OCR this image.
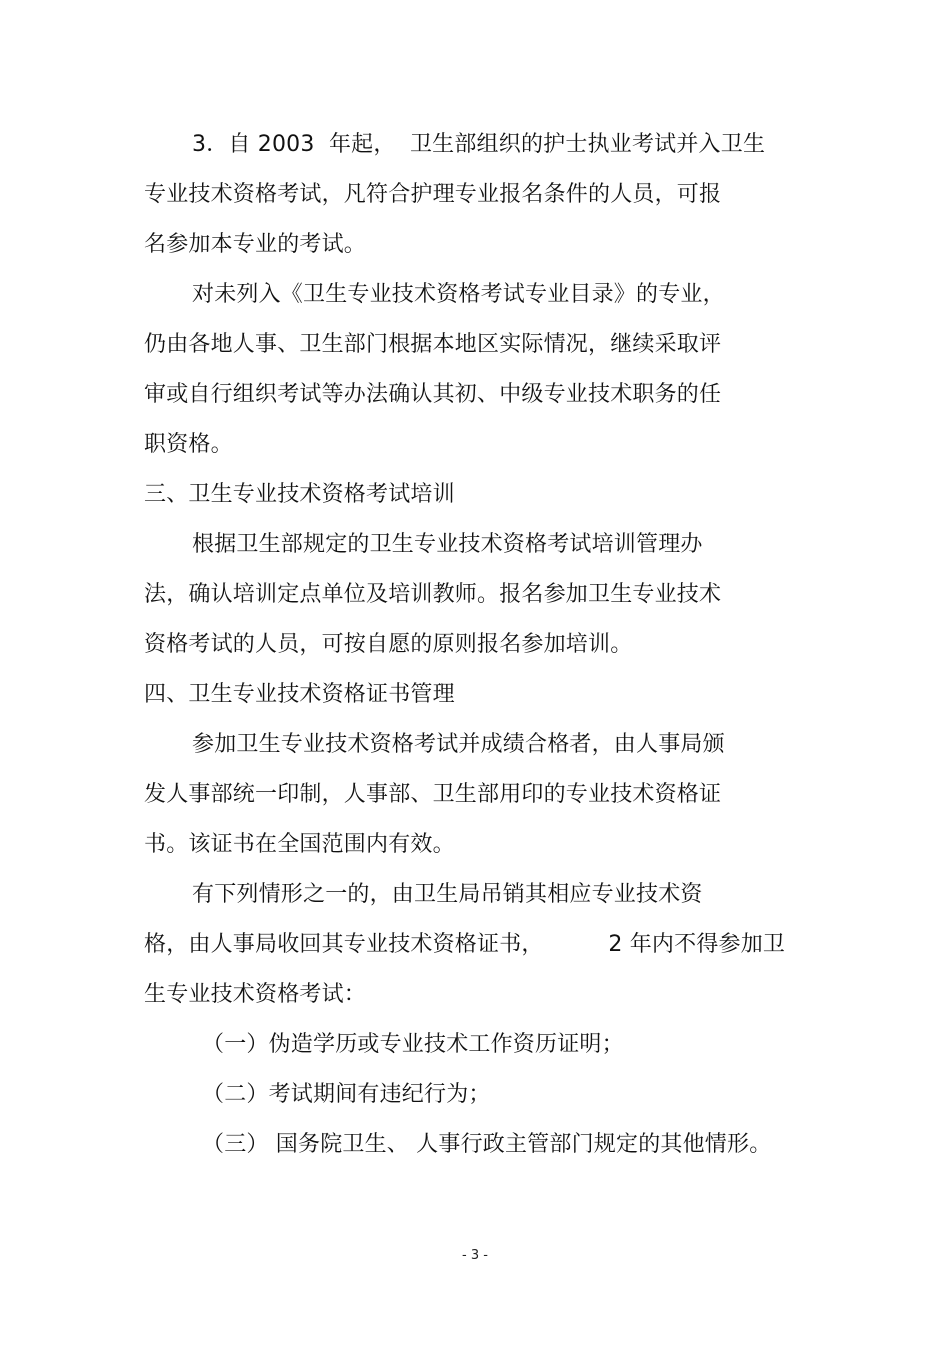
3．自 2003  年起，  卫生部组织的护士执业考试并入卫生
专业技术资格考试，凡符合护理专业报名条件的人员，可报
名参加本专业的考试。
对未列入《卫生专业技术资格考试专业目录》的专业，
仍由各地人事、卫生部门根据本地区实际情况，继续采取评
审或自行组织考试等办法确认其初、中级专业技术职务的任
职资格。
三、卫生专业技术资格考试培训
根据卫生部规定的卫生专业技术资格考试培训管理办
法，确认培训定点单位及培训教师。报名参加卫生专业技术
资格考试的人员，可按自愿的原则报名参加培训。
四、卫生专业技术资格证书管理
参加卫生专业技术资格考试并成绩合格者，由人事局颁
发人事部统一印制，人事部、卫生部用印的专业技术资格证
书。该证书在全国范围内有效。
有下列情形之一的，由卫生局吊销其相应专业技术资
格，由人事局收回其专业技术资格证书，         2 年内不得参加卫
生专业技术资格考试：
（一）伪造学历或专业技术工作资历证明；
（二）考试期间有违纪行为；
（三） 国务院卫生、 人事行政主管部门规定的其他情形。
- 3 -
